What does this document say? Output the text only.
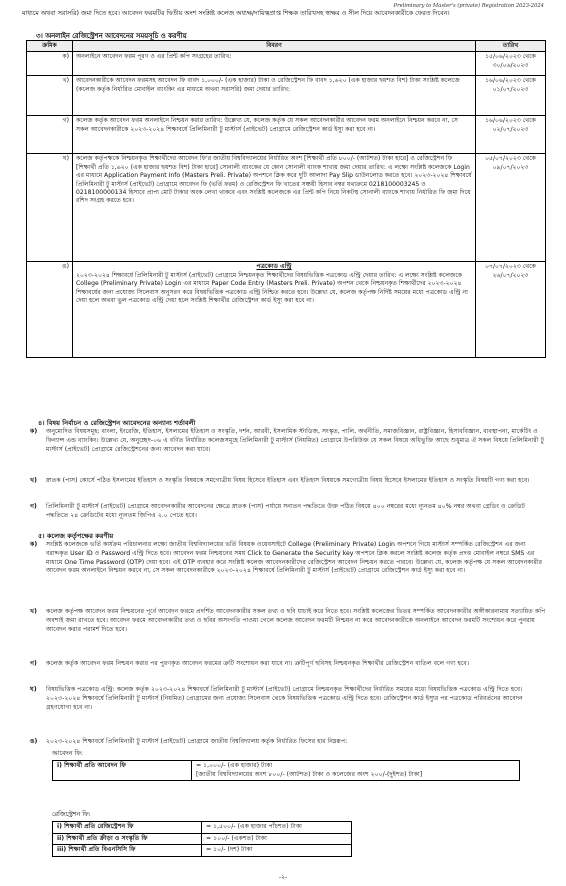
Preliminary to Master's (private) Registration 2023-2024
মাধ্যমে অথবা সরাসরি) জমা দিতে হবে। আবেদন ফরমটির দ্বিতীয় অংশ সংশ্লিষ্ট কলেজ অধ্যক্ষ/দায়িত্বপ্রাপ্ত শিক্ষক তারিখসহ স্বাক্ষর ও সীল দিয়ে আবেদনকারীকে ফেরত দিবেন।
৩। অনলাইন রেজিস্ট্রেশন আবেদনের সময়সূচি ও করণীয়
ক্রমিক	বিবরণ	তারিখ
ক)	অনলাইনে আবেদন ফরম পূরণ ও এর প্রিন্ট কপি সংগ্রহের তারিখ:	১৫/০৬/২০২৩ থেকে ৩০/০৬/২০২৩
খ)	আবেদনকারীকে আবেদন ফরমসহ আবেদন ফি বাবদ ১,০০০/- (এক হাজার) টাকা ও রেজিস্ট্রেশন ফি বাবদ ১,৬২০ (এক হাজার ছয়শত বিশ) টাকা সংশ্লিষ্ট কলেজে (কলেজ কর্তৃক নির্ধারিত মোবাইল ব্যাংকিং এর মাধ্যমে অথবা সরাসরি) জমা দেয়ার তারিখ:	১৬/০৬/২০২৩ থেকে ০১/০৭/২০২৩
গ)	কলেজ কর্তৃক আবেদন ফরম অনলাইনে নিশ্চয়ন করার তারিখ: উল্লেখ্য যে, কলেজ কর্তৃক যে সকল আবেদনকারীর আবেদন ফরম অনলাইনে নিশ্চয়ন করবে না, সে সকল আবেদনকারীকে ২০২৩-২০২৪ শিক্ষাবর্ষে প্রিলিমিনারী টু মাস্টার্স (প্রাইভেট) প্রোগ্রামে রেজিস্ট্রেশন কার্ড ইস্যু করা হবে না।	১৬/০৬/২০২৩ থেকে ০২/০৭/২০২৩
ঘ)	কলেজ কর্তৃপক্ষকে নিশ্চয়নকৃত শিক্ষার্থীদের আবেদন ফি'র জাতীয় বিশ্ববিদ্যালয়ের নির্ধারিত অংশ [শিক্ষার্থী প্রতি ৮০০/- (আটশত) টাকা হারে] ও রেজিস্ট্রেশন ফি [শিক্ষার্থী প্রতি ১,৬২০ (এক হাজার ছয়শত বিশ) টাকা হারে] সোনালী ব্যাংকের যে কোন সোনালী ব্যাংক শাখায় জমা দেয়ার তারিখ: এ লক্ষ্যে সংশ্লিষ্ট কলেজকে Login এর মাধ্যমে Application Payment Info (Masters Preli. Private) অপশনে ক্লিক করে দুটি আলাদা Pay Slip ডাউনলোড করতে হবে। ২০২৩-২০২৪ শিক্ষাবর্ষে প্রিলিমিনারী টু মাস্টার্স (প্রাইভেট) প্রোগ্রামে আবেদন ফি (ভর্তি ফরম) ও রেজিস্ট্রেশন ফি খাতের সঞ্চয়ী হিসাব নম্বর যথাক্রমে 0218100003245 ও 0218100000134 হিসাবে প্রাপ্য মোট টাকার অংক লেখা থাকবে এবং সংশ্লিষ্ট কলেজকে এর প্রিন্ট কপি নিয়ে নিকটস্থ সোনালী ব্যাংকে শাখায় নির্ধারিত ফি জমা দিয়ে রশিদ সংগ্রহ করতে হবে।	০৫/০৭/২০২৩ থেকে ০৯/০৭/২০২৩
ঙ)	পত্রকোড এন্ট্রি
২০২৩-২০২৪ শিক্ষাবর্ষে প্রিলিমিনারী টু মাস্টার্স (প্রাইভেট) প্রোগ্রামে নিশ্চয়নকৃত শিক্ষার্থীদের বিষয়ভিত্তিক পত্রকোড এন্ট্রি দেয়ার তারিখ: এ লক্ষ্যে সংশ্লিষ্ট কলেজকে College (Preliminary Private) Login এর মাধ্যমে Paper Code Entry (Masters Preli. Private) অপশন থেকে নিশ্চয়নকৃত শিক্ষার্থীদের ২০২৩-২০২৪ শিক্ষাবর্ষের জন্য প্রযোজ্য সিলেবাস অনুসরণ করে বিষয়ভিত্তিক পত্রকোড এন্ট্রি নিশ্চিত করতে হবে। উল্লেখ্য যে, কলেজ কর্তৃপক্ষ নির্দিষ্ট সময়ের মধ্যে পত্রকোড এন্ট্রি না দেয়া হলে অথবা ভুল পত্রকোড এন্ট্রি দেয়া হলে সংশ্লিষ্ট শিক্ষার্থীর রেজিস্ট্রেশন কার্ড ইস্যু করা হবে না।	০৭/০৭/২০২৩ থেকে ২৬/০৭/২০২৩
৪। বিষয় নির্বাচন ও রেজিস্ট্রেশন আবেদনের অন্যান্য শর্তাবলী
ক)	অনুমোদিত বিষয়সমূহ: বাংলা, ইংরেজি, ইতিহাস, ইসলামের ইতিহাস ও সংস্কৃতি, দর্শন, আরবী, ইসলামিক স্টাডিজ, সংস্কৃত, পালি, অর্থনীতি, সমাজবিজ্ঞান, রাষ্ট্রবিজ্ঞান, হিসাববিজ্ঞান, ব্যবস্থাপনা, মার্কেটিং ও ফিন্যান্স এন্ড ব্যাংকিং। উল্লেখ্য যে, অনুচ্ছেদ-০৬ এ বর্ণিত নির্ধারিত কলেজসমূহে প্রিলিমিনারী টু মাস্টার্স (নিয়মিত) প্রোগ্রামে উপরিউক্ত যে সকল বিষয়ে অধিভুক্তি আছে শুধুমাত্র ঐ সকল বিষয়ে প্রিলিমিনারী টু মাস্টার্স (প্রাইভেট) প্রোগ্রামে রেজিস্ট্রেশনের জন্য আবেদন করা যাবে।
খ)	স্নাতক (পাস) কোর্সে পঠিত ইসলামের ইতিহাস ও সংস্কৃতি বিষয়কে সমগোত্রীয় বিষয় হিসেবে ইতিহাস এবং ইতিহাস বিষয়কে সমগোত্রীয় বিষয় হিসেবে ইসলামের ইতিহাস ও সংস্কৃতি বিষয়টি গণ্য করা হবে।
গ)	প্রিলিমিনারী টু মাস্টার্স (প্রাইভেট) প্রোগ্রামে আবেদনকারীর আবেদনের ক্ষেত্রে স্নাতক (পাস) পর্যায়ে সনাতন পদ্ধতিতে উক্ত পঠিত বিষয়ে ৪০০ নম্বরের মধ্যে ন্যূনতম ৪০% নম্বর অথবা গ্রেডিং ও ক্রেডিট পদ্ধতিতে ২৪ ক্রেডিটের মধ্যে ন্যূনতম জিপিএ ২.০ পেতে হবে।
৫। কলেজ কর্তৃপক্ষের করণীয়
ক)	সংশ্লিষ্ট কলেজকে ভর্তি কার্যক্রম পরিচালনার লক্ষ্যে জাতীয় বিশ্ববিদ্যালয়ের ভর্তি বিষয়ক ওয়েবসাইটে College (Preliminary Private) Login অপশনে গিয়ে মাস্টার্স সম্পর্কিত রেজিস্ট্রেশন এর জন্য বরাদ্দকৃত User ID ও Password এন্ট্রি দিতে হবে। আবেদন ফরম নিশ্চয়নের সময় Click to Generate the Security key অপশনে ক্লিক করলে সংশ্লিষ্ট কলেজ কর্তৃক প্রদত্ত মোবাইল নম্বরে SMS এর মাধ্যমে One Time Password (OTP) দেয়া হবে। এই OTP ব্যবহার করে সংশ্লিষ্ট কলেজ আবেদনকারীদের রেজিস্ট্রেশন আবেদন নিশ্চয়ন করতে পারবে। উল্লেখ্য যে, কলেজ কর্তৃপক্ষ যে সকল আবেদনকারীর আবেদন ফরম অনলাইনে নিশ্চয়ন করবে না, সে সকল আবেদনকারীকে ২০২৩-২০২৪ শিক্ষাবর্ষে প্রিলিমিনারী টু মাস্টার্স (প্রাইভেট) প্রোগ্রামে রেজিস্ট্রেশন কার্ড ইস্যু করা হবে না।
খ)	কলেজ কর্তৃপক্ষ আবেদন ফরম নিশ্চয়নের পূর্বে আবেদন ফরমে প্রদর্শিত আবেদনকারীর সকল তথ্য ও ছবি যাচাই করে নিতে হবে। সংশ্লিষ্ট কলেজের ভিতর সম্পর্কিত আবেদনকারীর অঙ্গীকারনামায় সত্যায়িত কপি অবশ্যই জমা রাখতে হবে। আবেদন ফরমে আবেদনকারীর তথ্য ও ছবির অসংগতি পাওয়া গেলে কলেজ আবেদন ফরমটি নিশ্চয়ন না করে আবেদনকারীকে অনলাইনে আবেদন ফরমটি সংশোধন করে পুনরায় আবেদন করার পরামর্শ দিতে হবে।
গ)	কলেজ কর্তৃক আবেদন ফরম নিশ্চয়ন করার পর পুরণকৃত আবেদন ফরমের ত্রুটি সংশোধন করা যাবে না। ত্রুটিপূর্ণ ছবিসহ নিশ্চয়নকৃত শিক্ষার্থীর রেজিস্ট্রেশন বাতিল বলে গণ্য হবে।
ঘ)	বিষয়ভিত্তিক পত্রকোড এন্ট্রি: কলেজ কর্তৃক ২০২৩-২০২৪ শিক্ষাবর্ষে প্রিলিমিনারী টু মাস্টার্স (প্রাইভেট) প্রোগ্রামে নিশ্চয়নকৃত শিক্ষার্থীদের নির্ধারিত সময়ের মধ্যে বিষয়ভিত্তিক পত্রকোড এন্ট্রি দিতে হবে। ২০২৩-২০২৪ শিক্ষাবর্ষে প্রিলিমিনারী টু মাস্টার্স (নিয়মিত) প্রোগ্রামের জন্য প্রযোজ্য সিলেবাস থেকে বিষয়ভিত্তিক পত্রকোড এন্ট্রি দিতে হবে। রেজিস্ট্রেশন কার্ড ইস্যুর পর পত্রকোড পরিবর্তনের আবেদন গ্রহণযোগ্য হবে না।
ঙ)	২০২৩-২০২৪ শিক্ষাবর্ষে প্রিলিমিনারী টু মাস্টার্স (প্রাইভেট) প্রোগ্রামে জাতীয় বিশ্ববিদ্যালয় কর্তৃক নির্ধারিত ফিসের হার নিম্নরূপ:
আবেদন ফি:
i) শিক্ষার্থী প্রতি আবেদন ফি	= ১,০০০/- (এক হাজার) টাকা
[জাতীয় বিশ্ববিদ্যালয়ের অংশ ৮০০/- (আটশত) টাকা ও কলেজের অংশ ২০০/-(দুইশত) টাকা]
রেজিস্ট্রেশন ফি:
i) শিক্ষার্থী প্রতি রেজিস্ট্রেশন ফি	= ১,৫০০/- (এক হাজার পাঁচশত) টাকা
ii) শিক্ষার্থী প্রতি ক্রীড়া ও সংস্কৃতি ফি	= ১০০/- (একশত) টাকা
iii) শিক্ষার্থী প্রতি বিএনসিসি ফি	= ১০/- (দশ) টাকা
-২-
